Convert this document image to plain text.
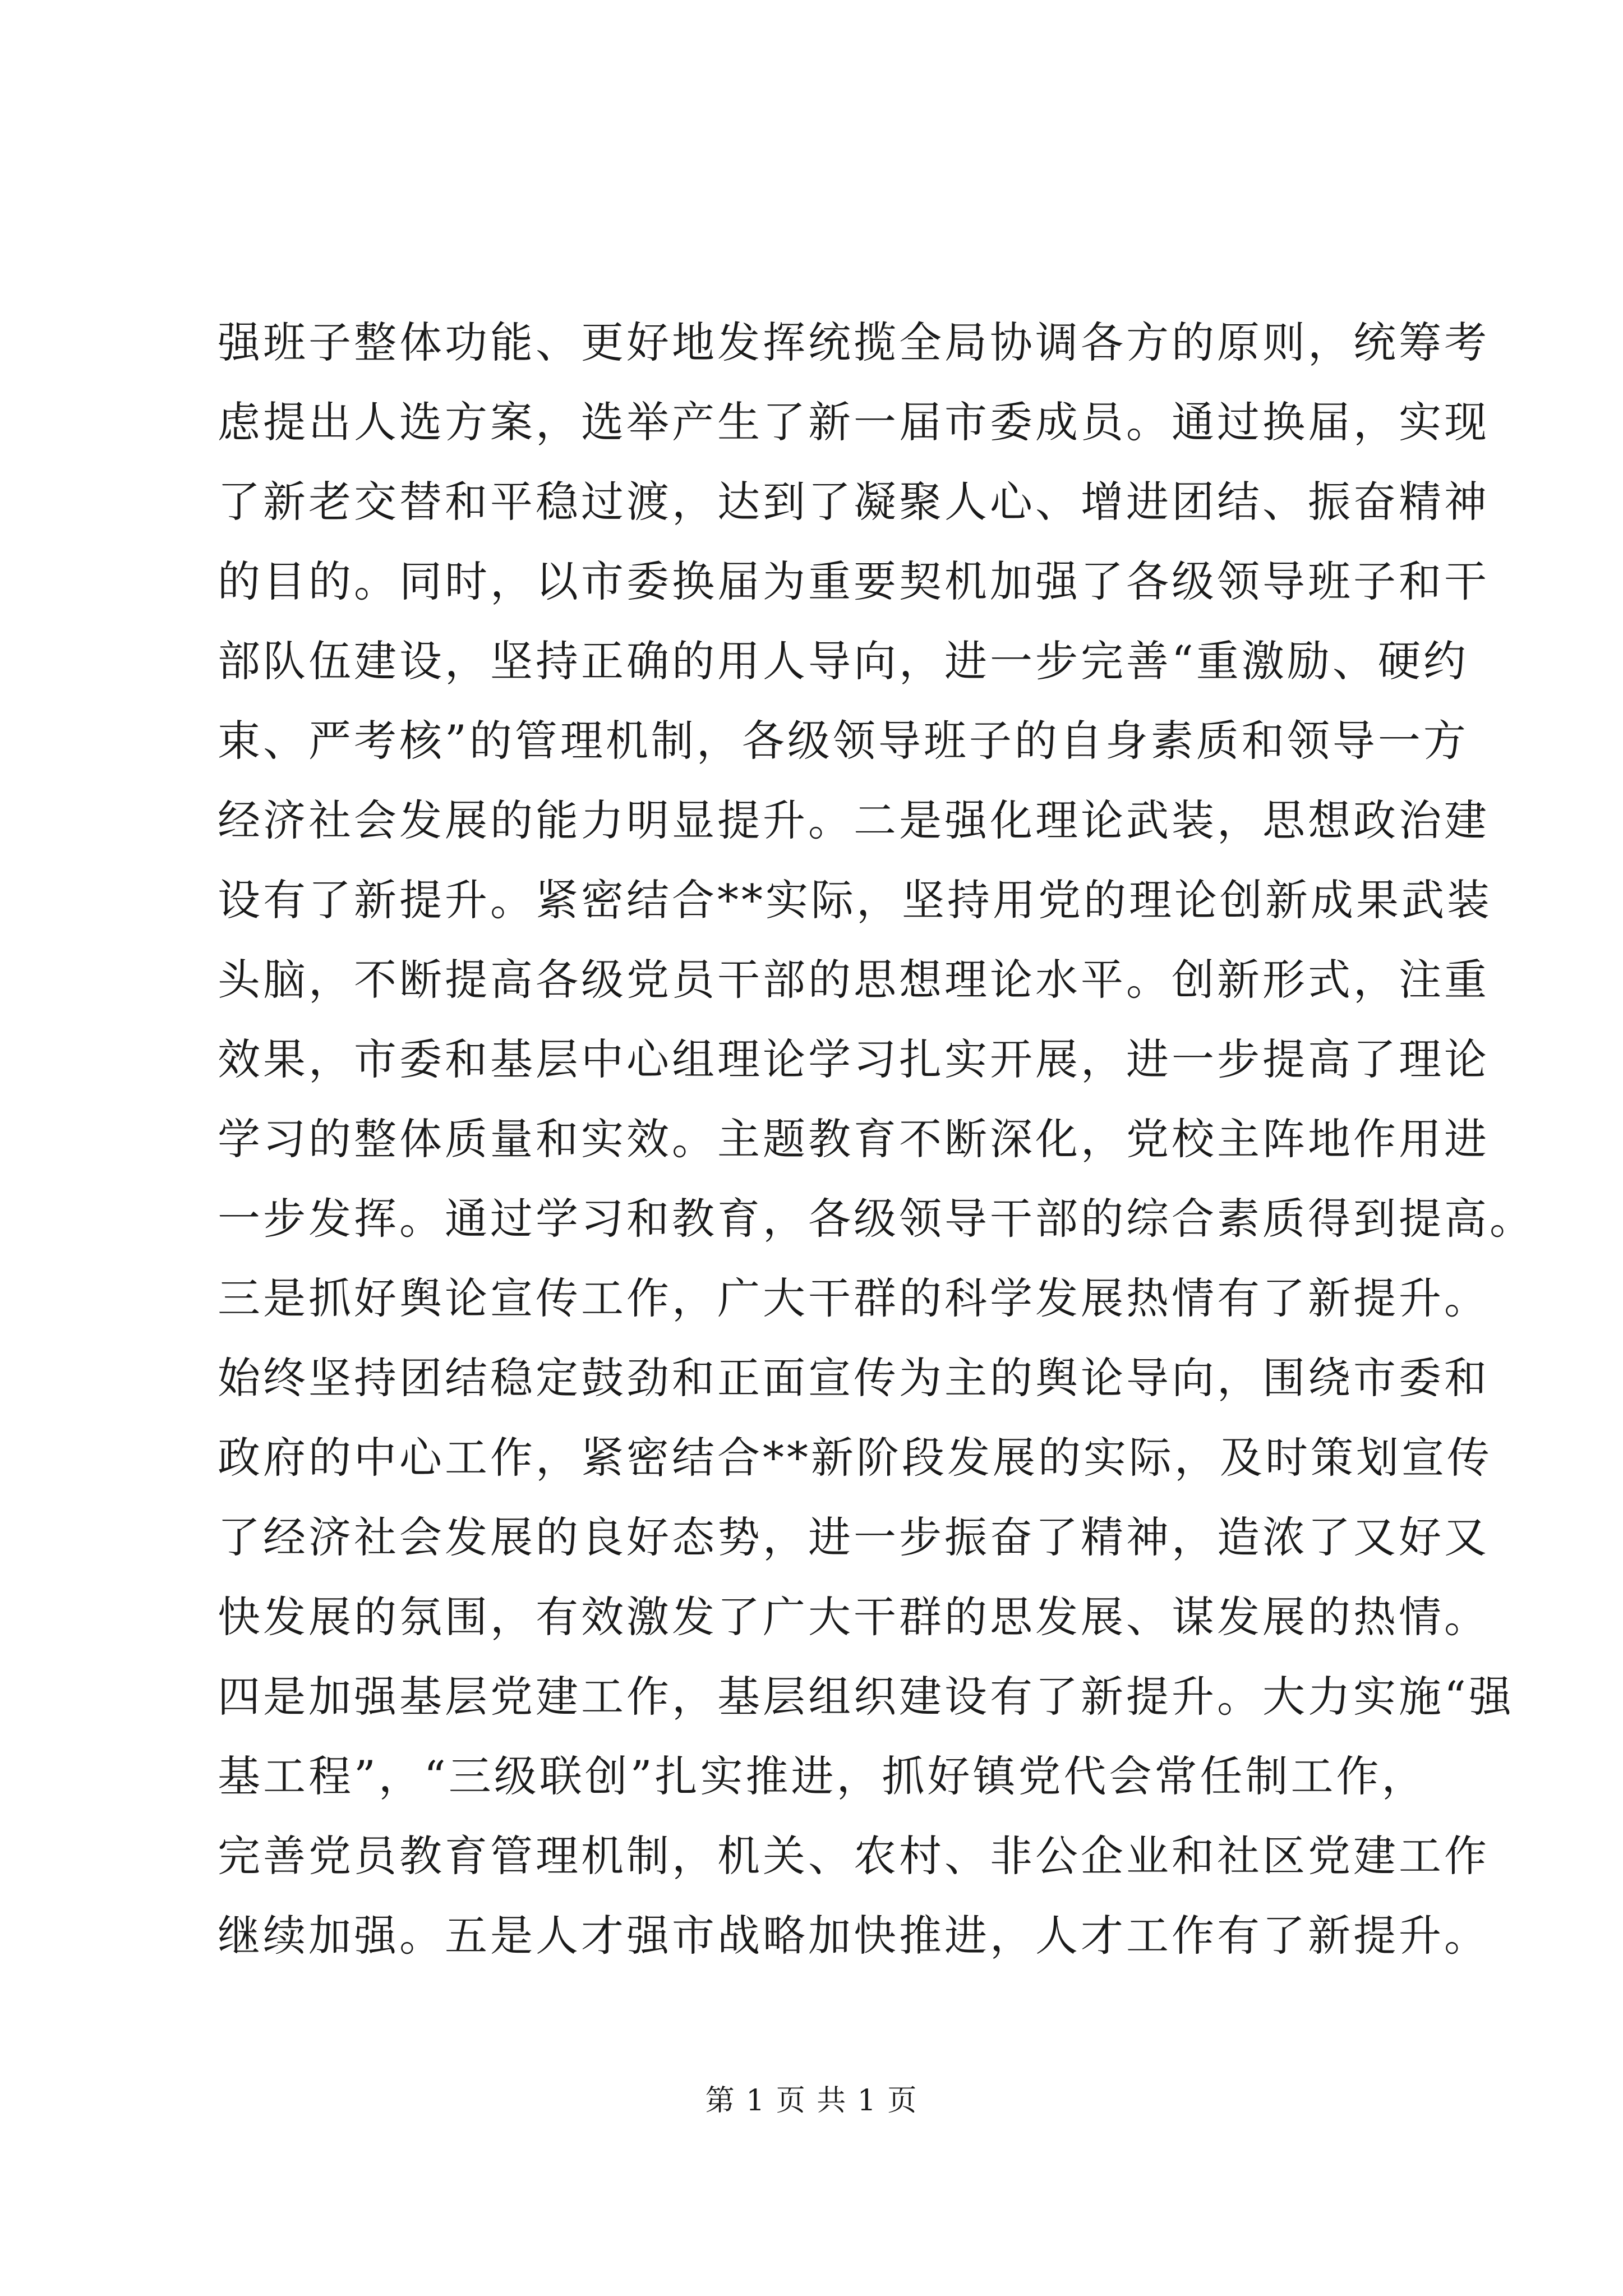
强班子整体功能、更好地发挥统揽全局协调各方的原则，统筹考
虑提出人选方案，选举产生了新一届市委成员。通过换届，实现
了新老交替和平稳过渡，达到了凝聚人心、增进团结、振奋精神
的目的。同时，以市委换届为重要契机加强了各级领导班子和干
部队伍建设，坚持正确的用人导向，进一步完善“重激励、硬约
束、严考核”的管理机制，各级领导班子的自身素质和领导一方
经济社会发展的能力明显提升。二是强化理论武装，思想政治建
设有了新提升。紧密结合**实际，坚持用党的理论创新成果武装
头脑，不断提高各级党员干部的思想理论水平。创新形式，注重
效果，市委和基层中心组理论学习扎实开展，进一步提高了理论
学习的整体质量和实效。主题教育不断深化，党校主阵地作用进
一步发挥。通过学习和教育，各级领导干部的综合素质得到提高。
三是抓好舆论宣传工作，广大干群的科学发展热情有了新提升。
始终坚持团结稳定鼓劲和正面宣传为主的舆论导向，围绕市委和
政府的中心工作，紧密结合**新阶段发展的实际，及时策划宣传
了经济社会发展的良好态势，进一步振奋了精神，造浓了又好又
快发展的氛围，有效激发了广大干群的思发展、谋发展的热情。
四是加强基层党建工作，基层组织建设有了新提升。大力实施“强
基工程”，“三级联创”扎实推进，抓好镇党代会常任制工作，
完善党员教育管理机制，机关、农村、非公企业和社区党建工作
继续加强。五是人才强市战略加快推进，人才工作有了新提升。
第 1 页 共 1 页
